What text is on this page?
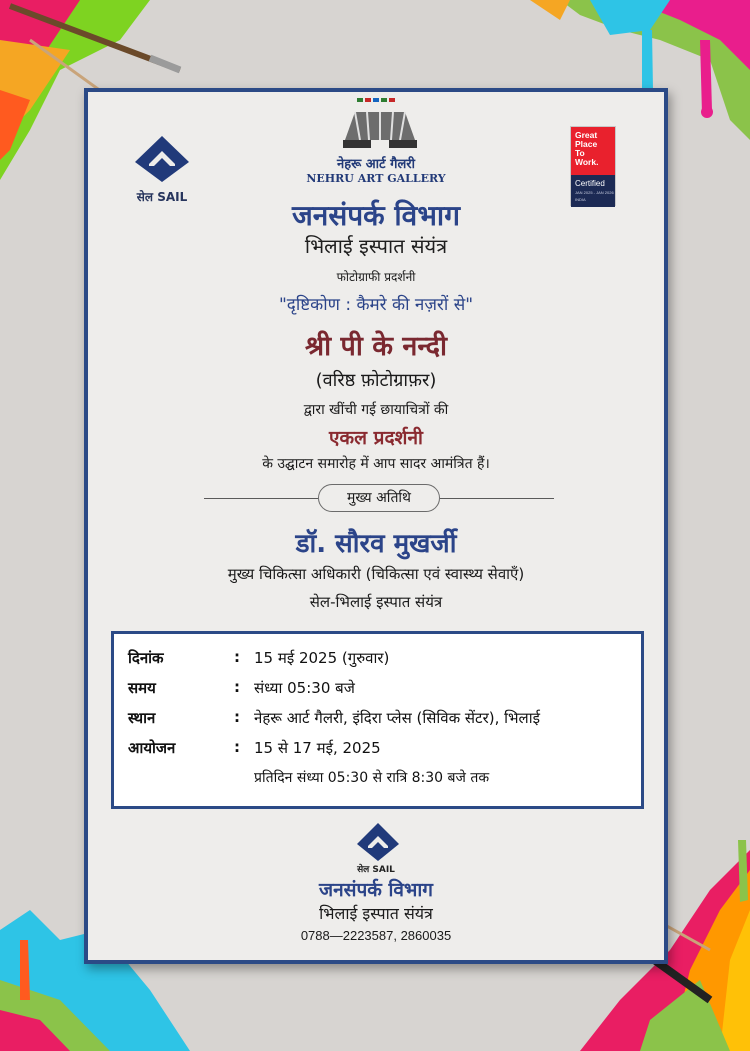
सेल SAIL
नेहरू आर्ट गैलरी
NEHRU ART GALLERY
Great
Place
To
Work.
Certified
JAN 2025 - JAN 2026
INDIA
जनसंपर्क विभाग
भिलाई इस्पात संयंत्र
फोटोग्राफी प्रदर्शनी
"दृष्टिकोण : कैमरे की नज़रों से"
श्री पी के नन्दी
(वरिष्ठ फ़ोटोग्राफ़र)
द्वारा खींची गई छायाचित्रों की
एकल प्रदर्शनी
के उद्घाटन समारोह में आप सादर आमंत्रित हैं।
मुख्य अतिथि
डॉ. सौरव मुखर्जी
मुख्य चिकित्सा अधिकारी (चिकित्सा एवं स्वास्थ्य सेवाएँ)
सेल-भिलाई इस्पात संयंत्र
दिनांक	: 15 मई 2025 (गुरुवार)
समय	: संध्या 05:30 बजे
स्थान	: नेहरू आर्ट गैलरी, इंदिरा प्लेस (सिविक सेंटर), भिलाई
आयोजन	: 15 से 17 मई, 2025
प्रतिदिन संध्या 05:30 से रात्रि 8:30 बजे तक
सेल SAIL
जनसंपर्क विभाग
भिलाई इस्पात संयंत्र
0788—2223587, 2860035
